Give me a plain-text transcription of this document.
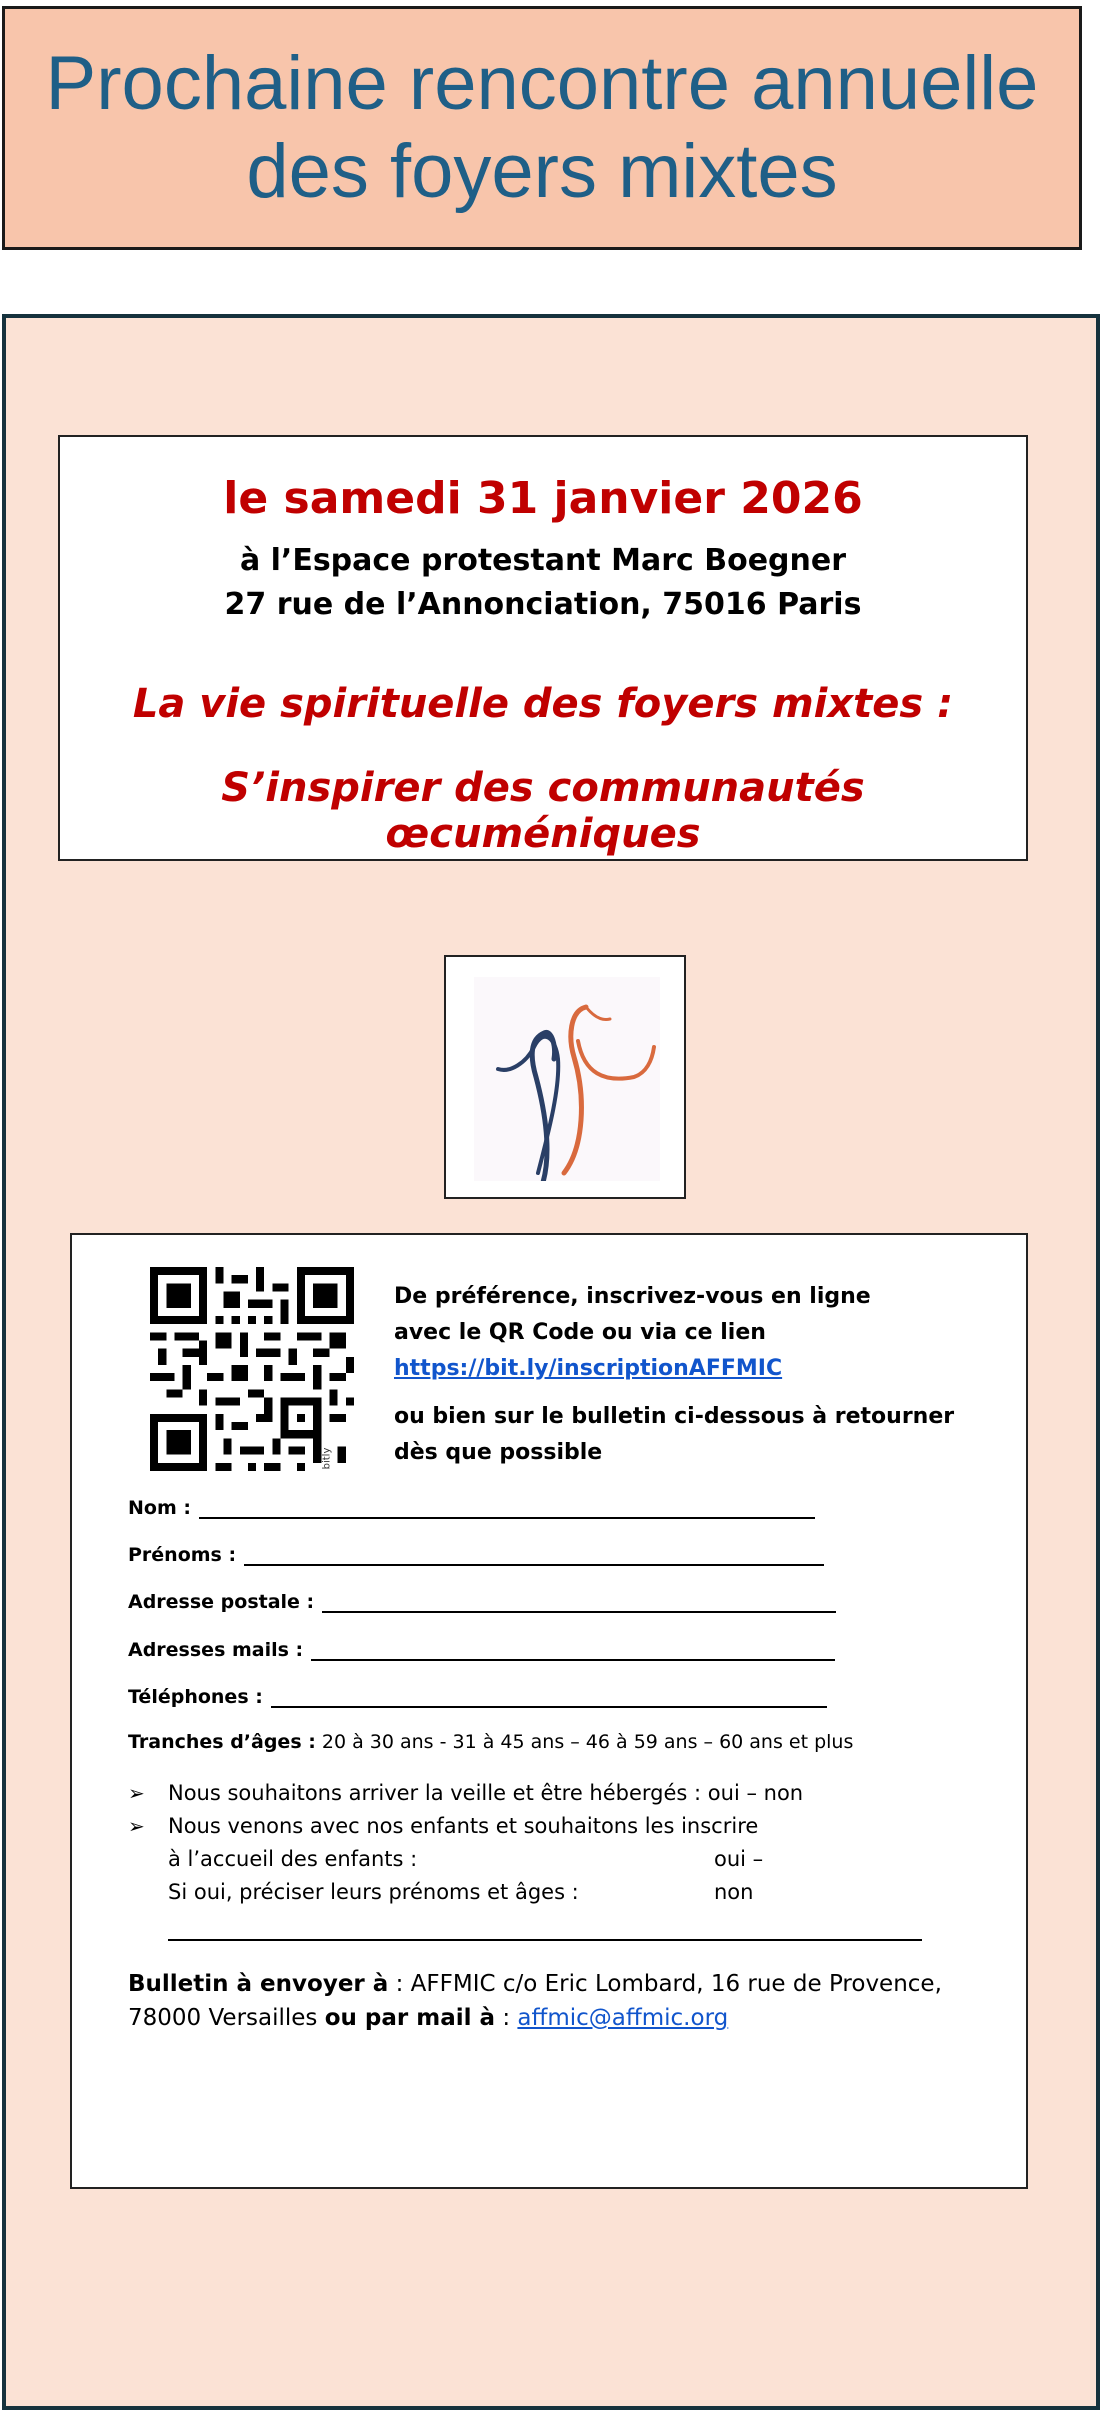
Prochaine rencontre annuelle
des foyers mixtes
le samedi 31 janvier 2026
à l’Espace protestant Marc Boegner
27 rue de l’Annonciation, 75016 Paris
La vie spirituelle des foyers mixtes :
S’inspirer des communautés œcuméniques
bitly
De préférence, inscrivez-vous en ligne
avec le QR Code ou via ce lien
https://bit.ly/inscriptionAFFMIC
ou bien sur le bulletin ci-dessous à retourner dès que possible
Nom :
Prénoms :
Adresse postale :
Adresses mails :
Téléphones :
Tranches d’âges : 20 à 30 ans - 31 à 45 ans – 46 à 59 ans – 60 ans et plus
➢	Nous souhaitons arriver la veille et être hébergés : oui – non
➢	Nous venons avec nos enfants et souhaitons les inscrire
à l’accueil des enfants :	oui – non
Si oui, préciser leurs prénoms et âges :
Bulletin à envoyer à : AFFMIC c/o Eric Lombard, 16 rue de Provence, 78000 Versailles ou par mail à : affmic@affmic.org
